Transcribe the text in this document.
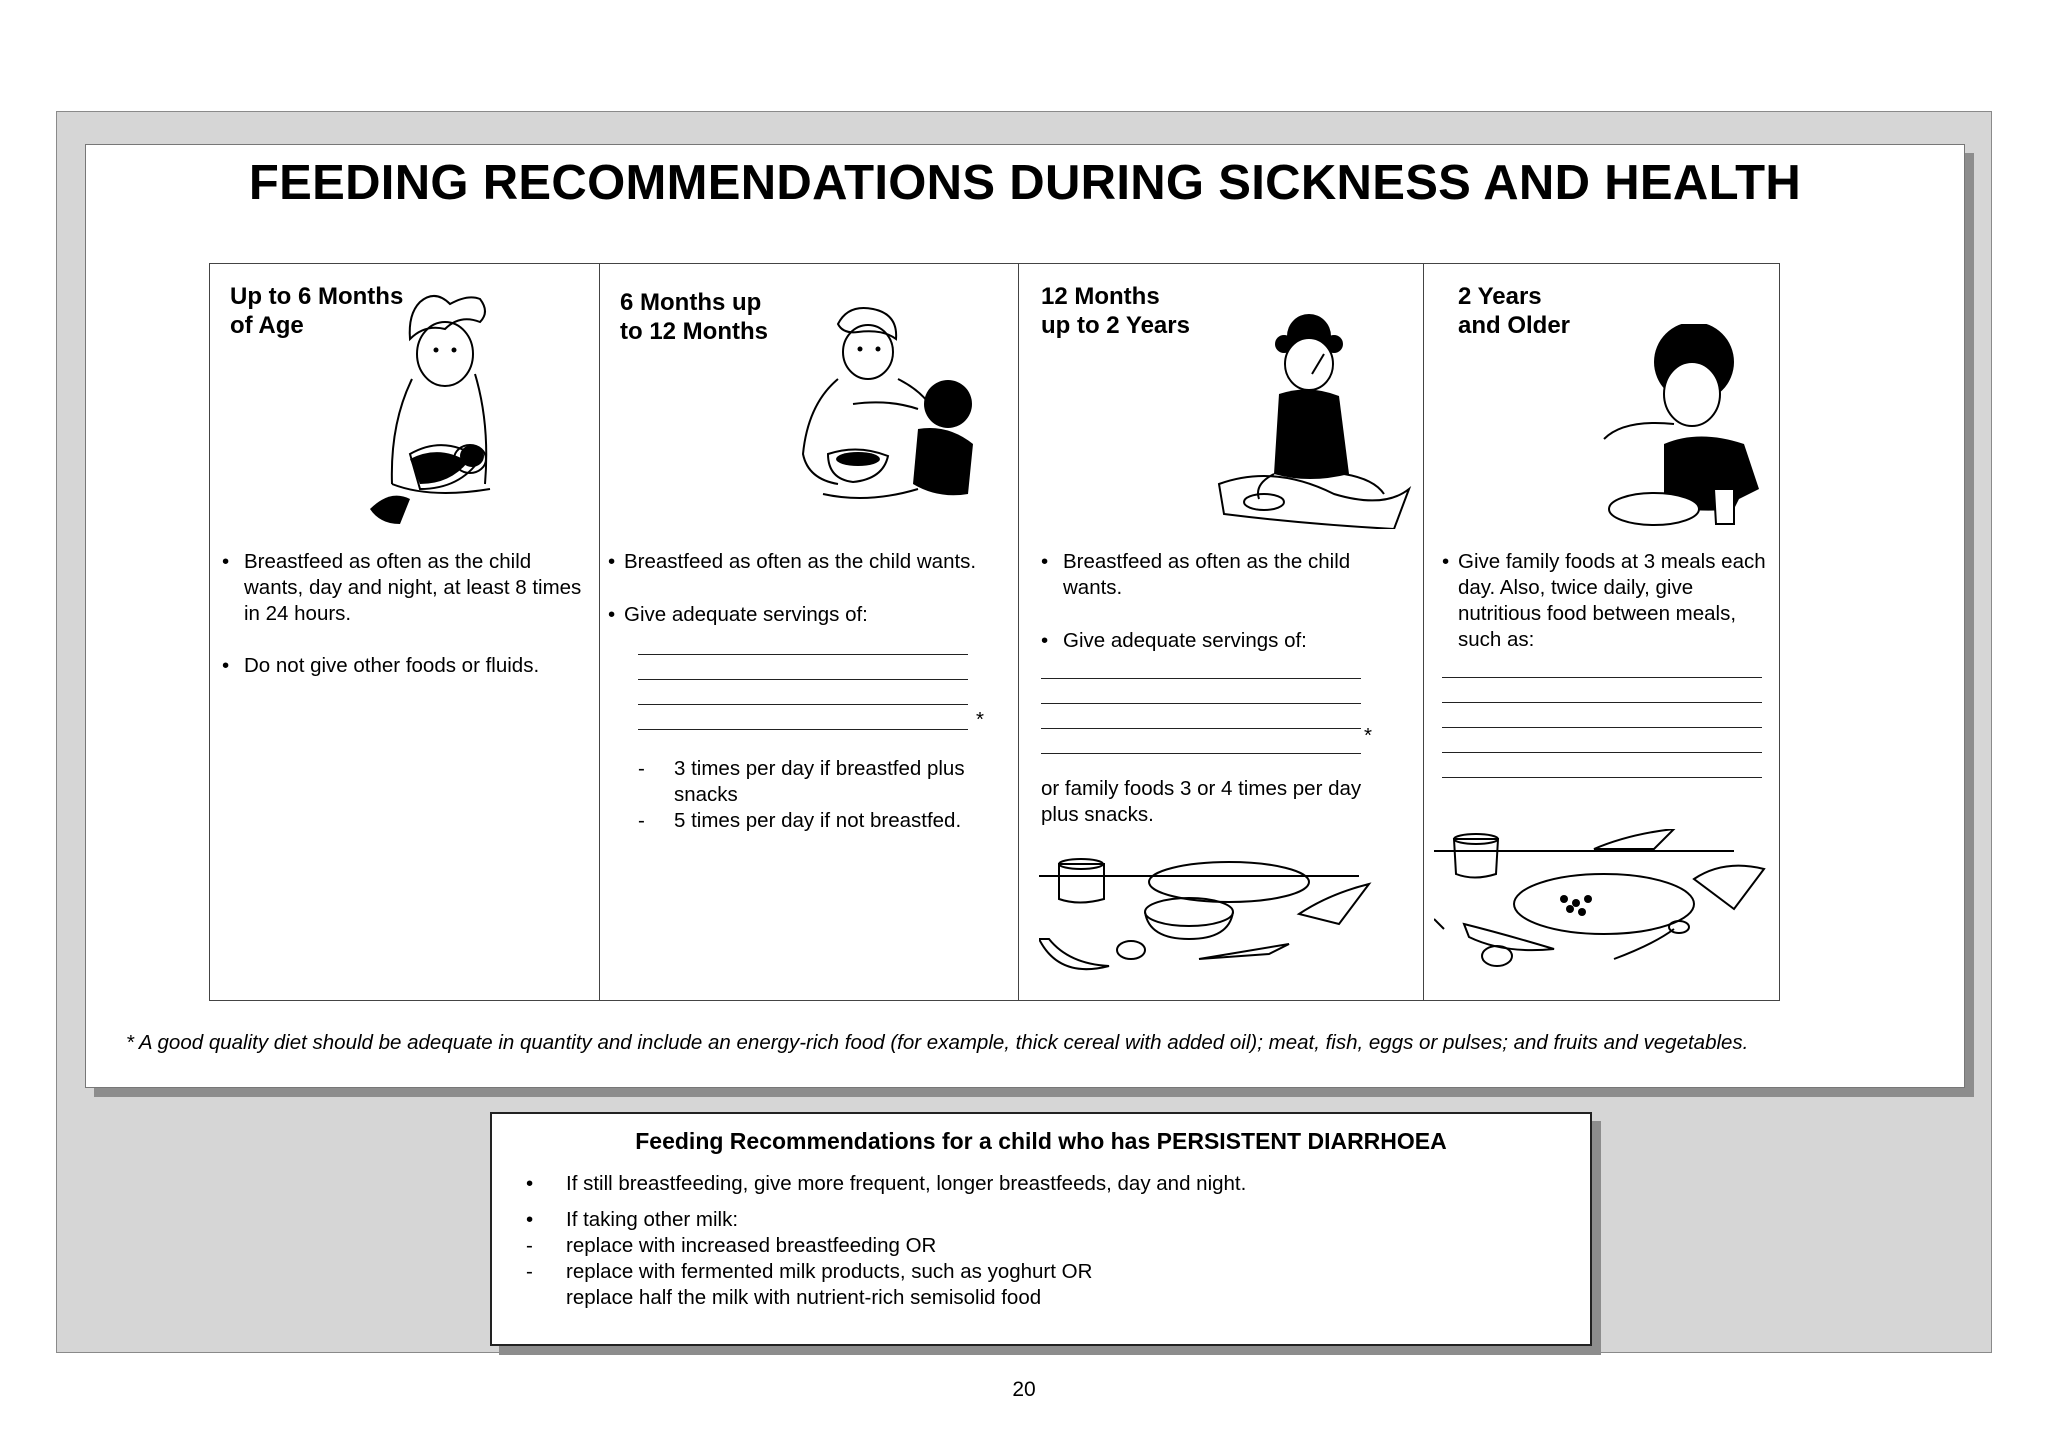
FEEDING RECOMMENDATIONS DURING SICKNESS AND HEALTH
Up to 6 Months
of Age
• Breastfeed as often as the child wants, day and night, at least 8 times in 24 hours.
• Do not give other foods or fluids.
6 Months up
to 12 Months
• Breastfeed as often as the child wants.
• Give adequate servings of:
*
-	3 times per day if breastfed plus snacks
-	5 times per day if not breastfed.
12 Months
up to 2 Years
• Breastfeed as often as the child wants.
• Give adequate servings of:
*
or family foods 3 or 4 times per day plus snacks.
2 Years
and Older
• Give family foods at 3 meals each day. Also, twice daily, give nutritious food between meals, such as:
* A good quality diet should be adequate in quantity and include an energy-rich food (for example, thick cereal with added oil); meat, fish, eggs or pulses; and fruits and vegetables.
Feeding Recommendations for a child who has PERSISTENT DIARRHOEA
•	If still breastfeeding, give more frequent, longer breastfeeds, day and night.
•	If taking other milk:
-	replace with increased breastfeeding OR
-	replace with fermented milk products, such as yoghurt OR
replace half the milk with nutrient-rich semisolid food
20
